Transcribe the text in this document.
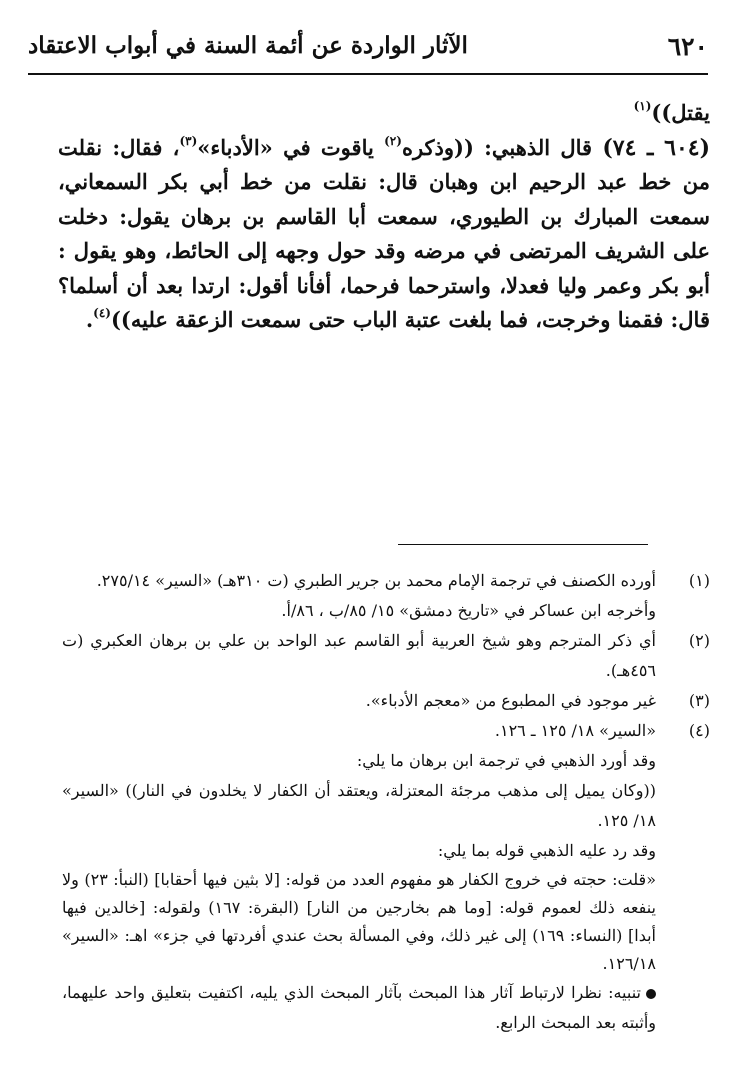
٦٢٠
الآثار الواردة عن أئمة السنة في أبواب الاعتقاد

يقتل))$^{(١)}$

(٦٠٤ ـ ٧٤) قال الذهبي: ((وذكره$^{(٢)}$ ياقوت في «الأدباء»$^{(٣)}$، فقال: نقلت من خط عبد الرحيم ابن وهبان قال: نقلت من خط أبي بكر السمعاني، سمعت المبارك بن الطيوري، سمعت أبا القاسم بن برهان يقول: دخلت على الشريف المرتضى في مرضه وقد حول وجهه إلى الحائط، وهو يقول : أبو بكر وعمر وليا فعدلا، واسترحما فرحما، أفأنا أقول: ارتدا بعد أن أسلما؟ قال: فقمنا وخرجت، فما بلغت عتبة الباب حتى سمعت الزعقة عليه))$^{(٤)}$.

(١)
أورده الكصنف في ترجمة الإمام محمد بن جرير الطبري (ت ٣١٠هـ) «السير» ٢٧٥/١٤.
وأخرجه ابن عساكر في «تاريخ دمشق» ١٥/ ٨٥/ب ، ٨٦/أ.
(٢)
أي ذكر المترجم وهو شيخ العربية أبو القاسم عبد الواحد بن علي بن برهان العكبري (ت ٤٥٦هـ).
(٣)
غير موجود في المطبوع من «معجم الأدباء».
(٤)
«السير» ١٨/ ١٢٥ ـ ١٢٦.
وقد أورد الذهبي في ترجمة ابن برهان ما يلي:
((وكان يميل إلى مذهب مرجئة المعتزلة، ويعتقد أن الكفار لا يخلدون في النار)) «السير» ١٨/ ١٢٥.
وقد رد عليه الذهبي قوله بما يلي:
«قلت: حجته في خروج الكفار هو مفهوم العدد من قوله: [لا بثين فيها أحقابا] (النبأ: ٢٣) ولا ينفعه ذلك لعموم قوله: [وما هم بخارجين من النار] (البقرة: ١٦٧) ولقوله: [خالدين فيها أبدا] (النساء: ١٦٩) إلى غير ذلك، وفي المسألة بحث عندي أفردتها في جزء» اهـ: «السير» ١٢٦/١٨.
تنبيه: نظرا لارتباط آثار هذا المبحث بآثار المبحث الذي يليه، اكتفيت بتعليق واحد عليهما، وأثبته بعد المبحث الرابع.
